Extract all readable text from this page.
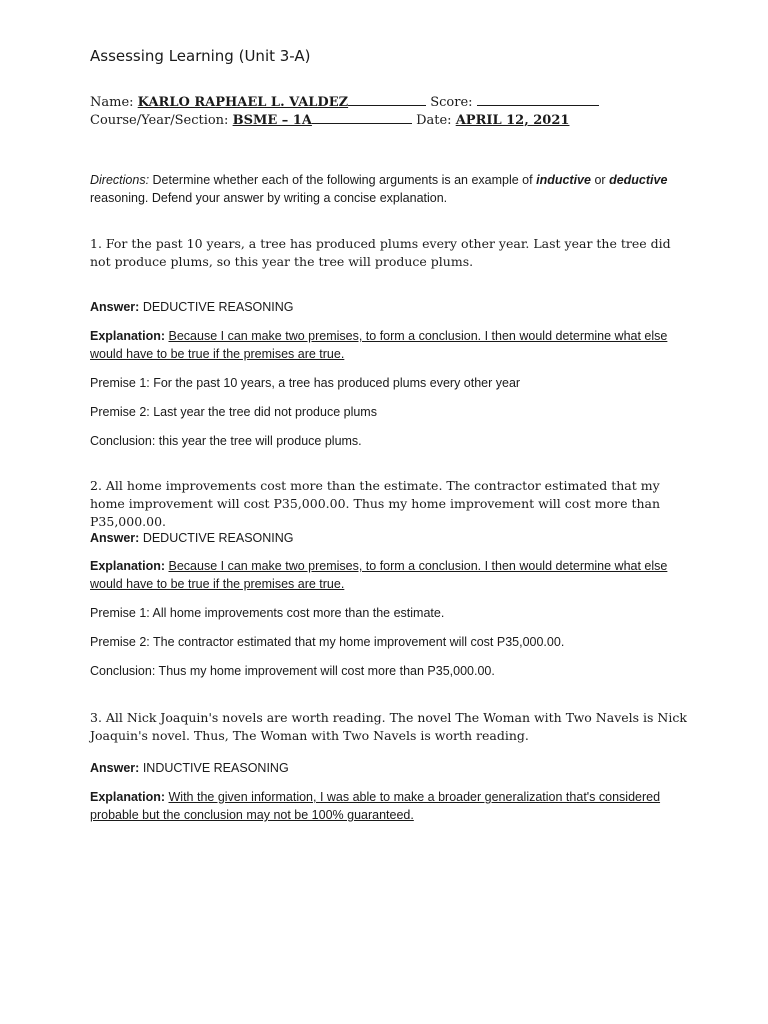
Assessing Learning (Unit 3-A)
Name: KARLO RAPHAEL L. VALDEZ	Score:
Course/Year/Section: BSME – 1A	Date: APRIL 12, 2021
Directions: Determine whether each of the following arguments is an example of inductive or deductive reasoning. Defend your answer by writing a concise explanation.
1. For the past 10 years, a tree has produced plums every other year. Last year the tree did not produce plums, so this year the tree will produce plums.
Answer: DEDUCTIVE REASONING
Explanation: Because I can make two premises, to form a conclusion. I then would determine what else would have to be true if the premises are true.
Premise 1: For the past 10 years, a tree has produced plums every other year
Premise 2: Last year the tree did not produce plums
Conclusion: this year the tree will produce plums.
2. All home improvements cost more than the estimate. The contractor estimated that my home improvement will cost P35,000.00. Thus my home improvement will cost more than P35,000.00.
Answer: DEDUCTIVE REASONING
Explanation: Because I can make two premises, to form a conclusion. I then would determine what else would have to be true if the premises are true.
Premise 1: All home improvements cost more than the estimate.
Premise 2: The contractor estimated that my home improvement will cost P35,000.00.
Conclusion: Thus my home improvement will cost more than P35,000.00.
3. All Nick Joaquin's novels are worth reading. The novel The Woman with Two Navels is Nick Joaquin's novel. Thus, The Woman with Two Navels is worth reading.
Answer: INDUCTIVE REASONING
Explanation: With the given information, I was able to make a broader generalization that's considered probable but the conclusion may not be 100% guaranteed.
